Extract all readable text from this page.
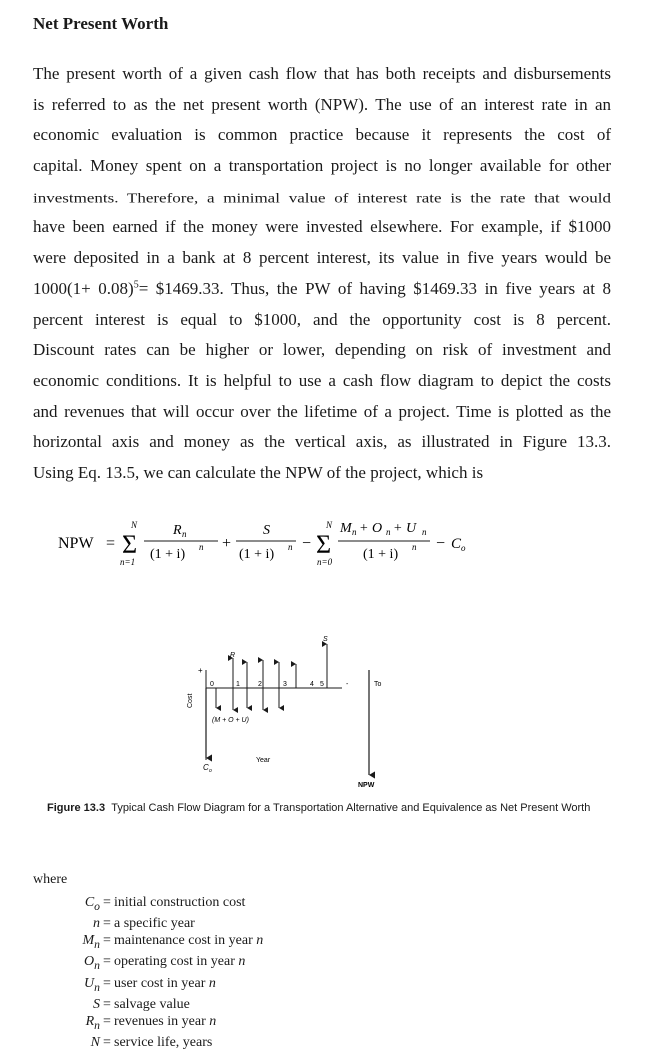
Net Present Worth
The present worth of a given cash flow that has both receipts and disbursements
is referred to as the net present worth (NPW). The use of an interest rate in an
economic evaluation is common practice because it represents the cost of
capital. Money spent on a transportation project is no longer available for other
investments. Therefore, a minimal value of interest rate is the rate that would
have been earned if the money were invested elsewhere. For example, if $1000
were deposited in a bank at 8 percent interest, its value in five years would be
$1000(1+ 0.08)^5=$ $1469.33. Thus, the PW of having $1469.33 in five years at 8
percent interest is equal to $1000, and the opportunity cost is 8 percent.
Discount rates can be higher or lower, depending on risk of investment and
economic conditions. It is helpful to use a cash flow diagram to depict the costs
and revenues that will occur over the lifetime of a project. Time is plotted as the
horizontal axis and money as the vertical axis, as illustrated in Figure 13.3.
Using Eq. 13.5, we can calculate the NPW of the project, which is
NPW = Σ
N
n=1
R n
(1 + i) n +
S
(1 + i) n − Σ
N
n=0
M n + O n + U n
(1 + i) n − C o
+
Cost
0	1	2	3	4 5	-	To
R
S
(M + O + U)
C o
Year
NPW
Figure 13.3 Typical Cash Flow Diagram for a Transportation Alternative and Equivalence as Net Present Worth
where
$C_o$ = initial construction cost
n = a specific year
$M_n$ = maintenance cost in year n
$O_n$ = operating cost in year n
$U_n$ = user cost in year n
S = salvage value
$R_n$ = revenues in year n
N = service life, years
